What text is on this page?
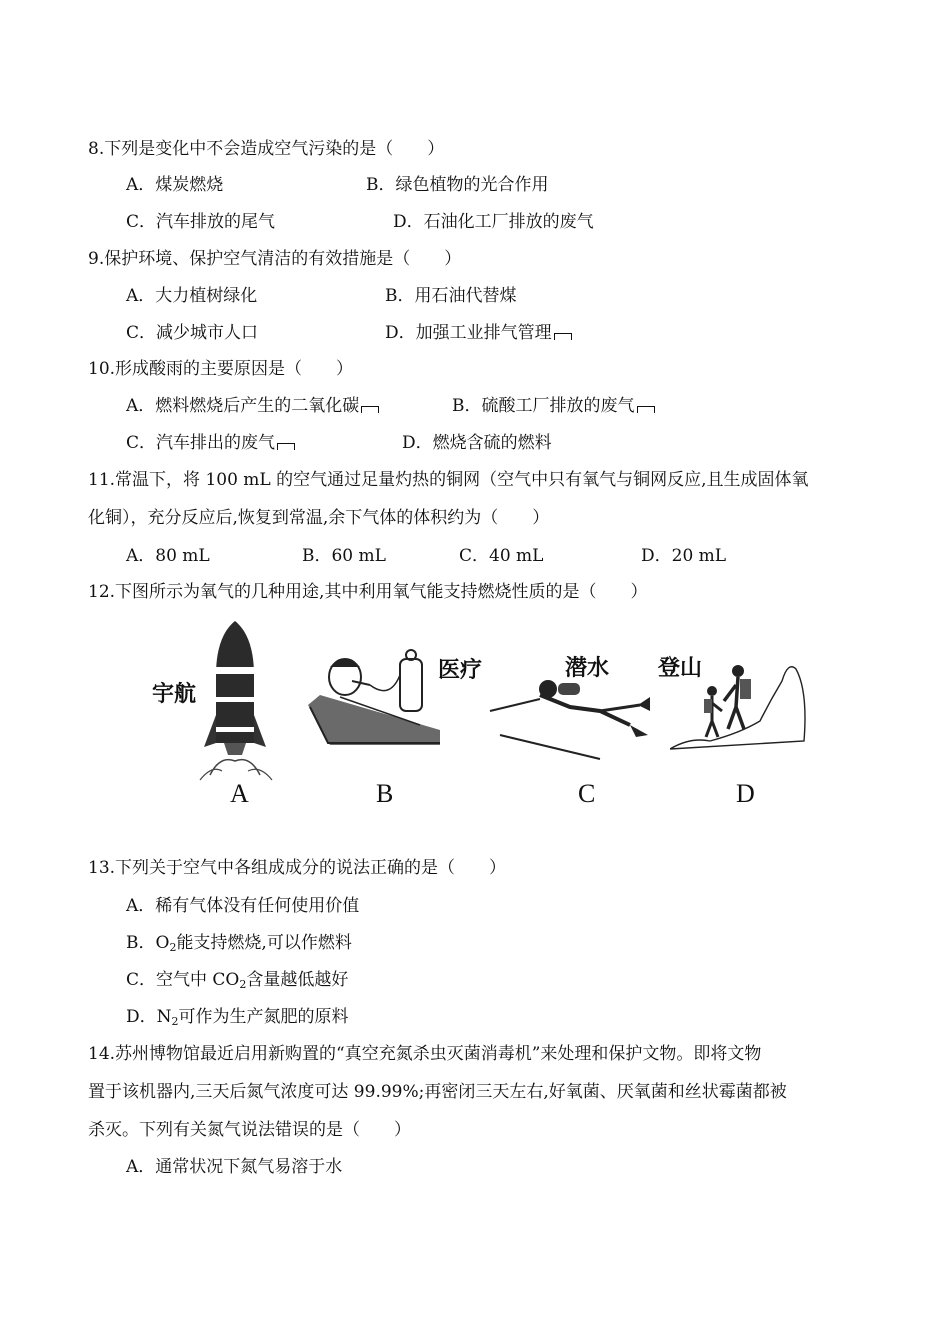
8.下列是变化中不会造成空气污染的是（　　）
A．煤炭燃烧	B．绿色植物的光合作用
C．汽车排放的尾气	D．石油化工厂排放的废气
9.保护环境、保护空气清洁的有效措施是（　　）
A．大力植树绿化	B．用石油代替煤
C．减少城市人口	D．加强工业排气管理
10.形成酸雨的主要原因是（　　）
A．燃料燃烧后产生的二氧化碳	B．硫酸工厂排放的废气
C．汽车排出的废气	D．燃烧含硫的燃料
11.常温下，将 100 mL 的空气通过足量灼热的铜网（空气中只有氧气与铜网反应,且生成固体氧
化铜），充分反应后,恢复到常温,余下气体的体积约为（　　）
A．80 mL	B．60 mL	C．40 mL	D．20 mL
12.下图所示为氧气的几种用途,其中利用氧气能支持燃烧性质的是（　　）
宇航
A
医疗
B
潜水
C
登山
D
13.下列关于空气中各组成成分的说法正确的是（　　）
A．稀有气体没有任何使用价值
B．$O_2$能支持燃烧,可以作燃料
C．空气中 $CO_2$含量越低越好
D．$N_2$可作为生产氮肥的原料
14.苏州博物馆最近启用新购置的“真空充氮杀虫灭菌消毒机”来处理和保护文物。即将文物
置于该机器内,三天后氮气浓度可达 99.99%;再密闭三天左右,好氧菌、厌氧菌和丝状霉菌都被
杀灭。下列有关氮气说法错误的是（　　）
A．通常状况下氮气易溶于水
